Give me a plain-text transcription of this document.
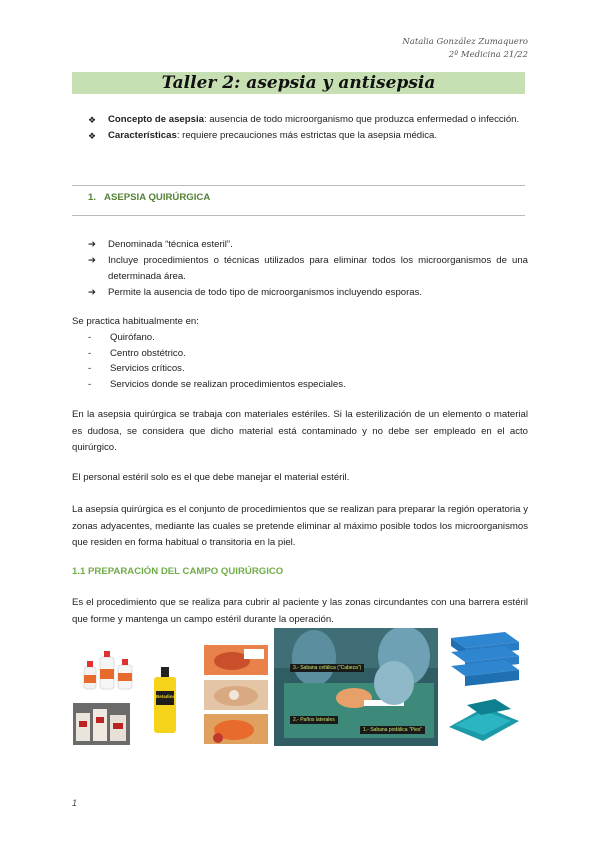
Natalia González Zumaquero
2º Medicina 21/22
Taller 2: asepsia y antisepsia
❖	Concepto de asepsia: ausencia de todo microorganismo que produzca enfermedad o infección.
❖	Características: requiere precauciones más estrictas que la asepsia médica.
1. ASEPSIA QUIRÚRGICA
➔	Denominada “técnica esteril”.
➔	Incluye procedimientos o técnicas utilizados para eliminar todos los microorganismos de una determinada área.
➔	Permite la ausencia de todo tipo de microorganismos incluyendo esporas.
Se practica habitualmente en:
-	Quirófano.
-	Centro obstétrico.
-	Servicios críticos.
-	Servicios donde se realizan procedimientos especiales.
En la asepsia quirúrgica se trabaja con materiales estériles. Si la esterilización de un elemento o material es dudosa, se considera que dicho material está contaminado y no debe ser empleado en el acto quirúrgico.
El personal estéril solo es el que debe manejar el material estéril.
La asepsia quirúrgica es el conjunto de procedimientos que se realizan para preparar la región operatoria y zonas adyacentes, mediante las cuales se pretende eliminar al máximo posible todos los microorganismos que residen en forma habitual o transitoria en la piel.
1.1 PREPARACIÓN DEL CAMPO QUIRÚRGICO
Es el procedimiento que se realiza para cubrir al paciente y las zonas circundantes con una barrera estéril que forme y mantenga un campo estéril durante la operación.
Betadine
3.- Sabana cefálica ("Cabeza")
2.- Paños laterales
1.- Sabana podálica "Pies"
1
